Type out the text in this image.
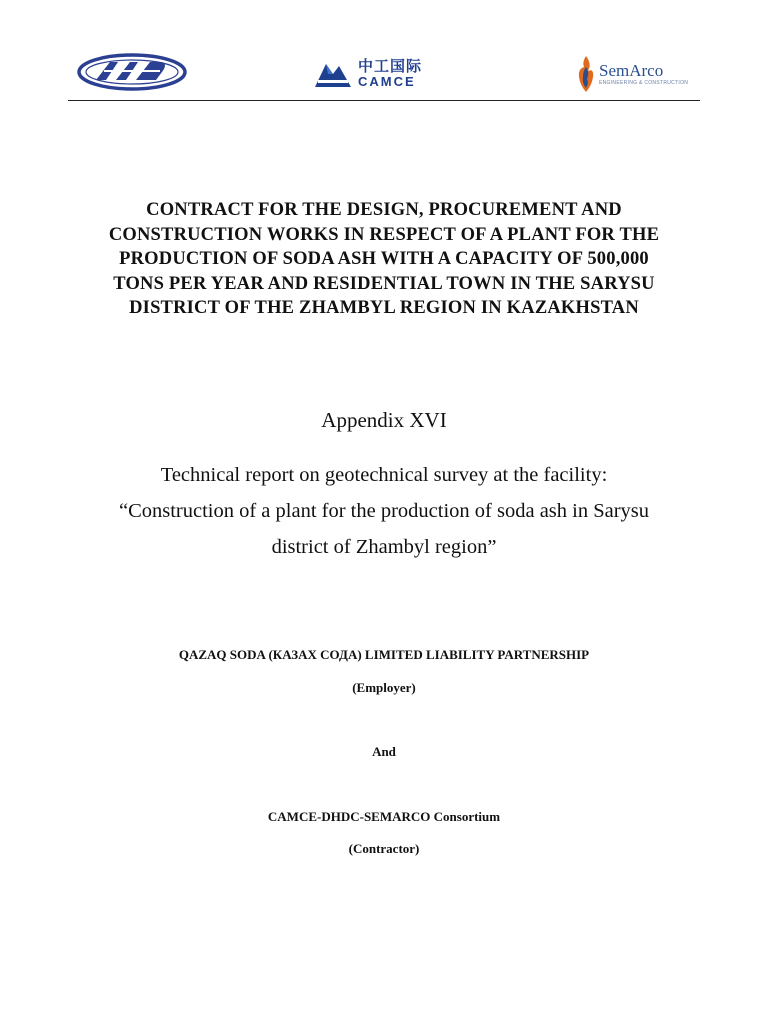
DHDC
中工国际
CAMCE
SemArco
ENGINEERING & CONSTRUCTION
CONTRACT FOR THE DESIGN, PROCUREMENT AND
CONSTRUCTION WORKS IN RESPECT OF A PLANT FOR THE
PRODUCTION OF SODA ASH WITH A CAPACITY OF 500,000
TONS PER YEAR AND RESIDENTIAL TOWN IN THE SARYSU
DISTRICT OF THE ZHAMBYL REGION IN KAZAKHSTAN
Appendix XVI
Technical report on geotechnical survey at the facility:
“Construction of a plant for the production of soda ash in Sarysu
district of Zhambyl region”
QAZAQ SODA (КАЗАХ СОДА) LIMITED LIABILITY PARTNERSHIP
(Employer)
And
CAMCE-DHDC-SEMARCO Consortium
(Contractor)
